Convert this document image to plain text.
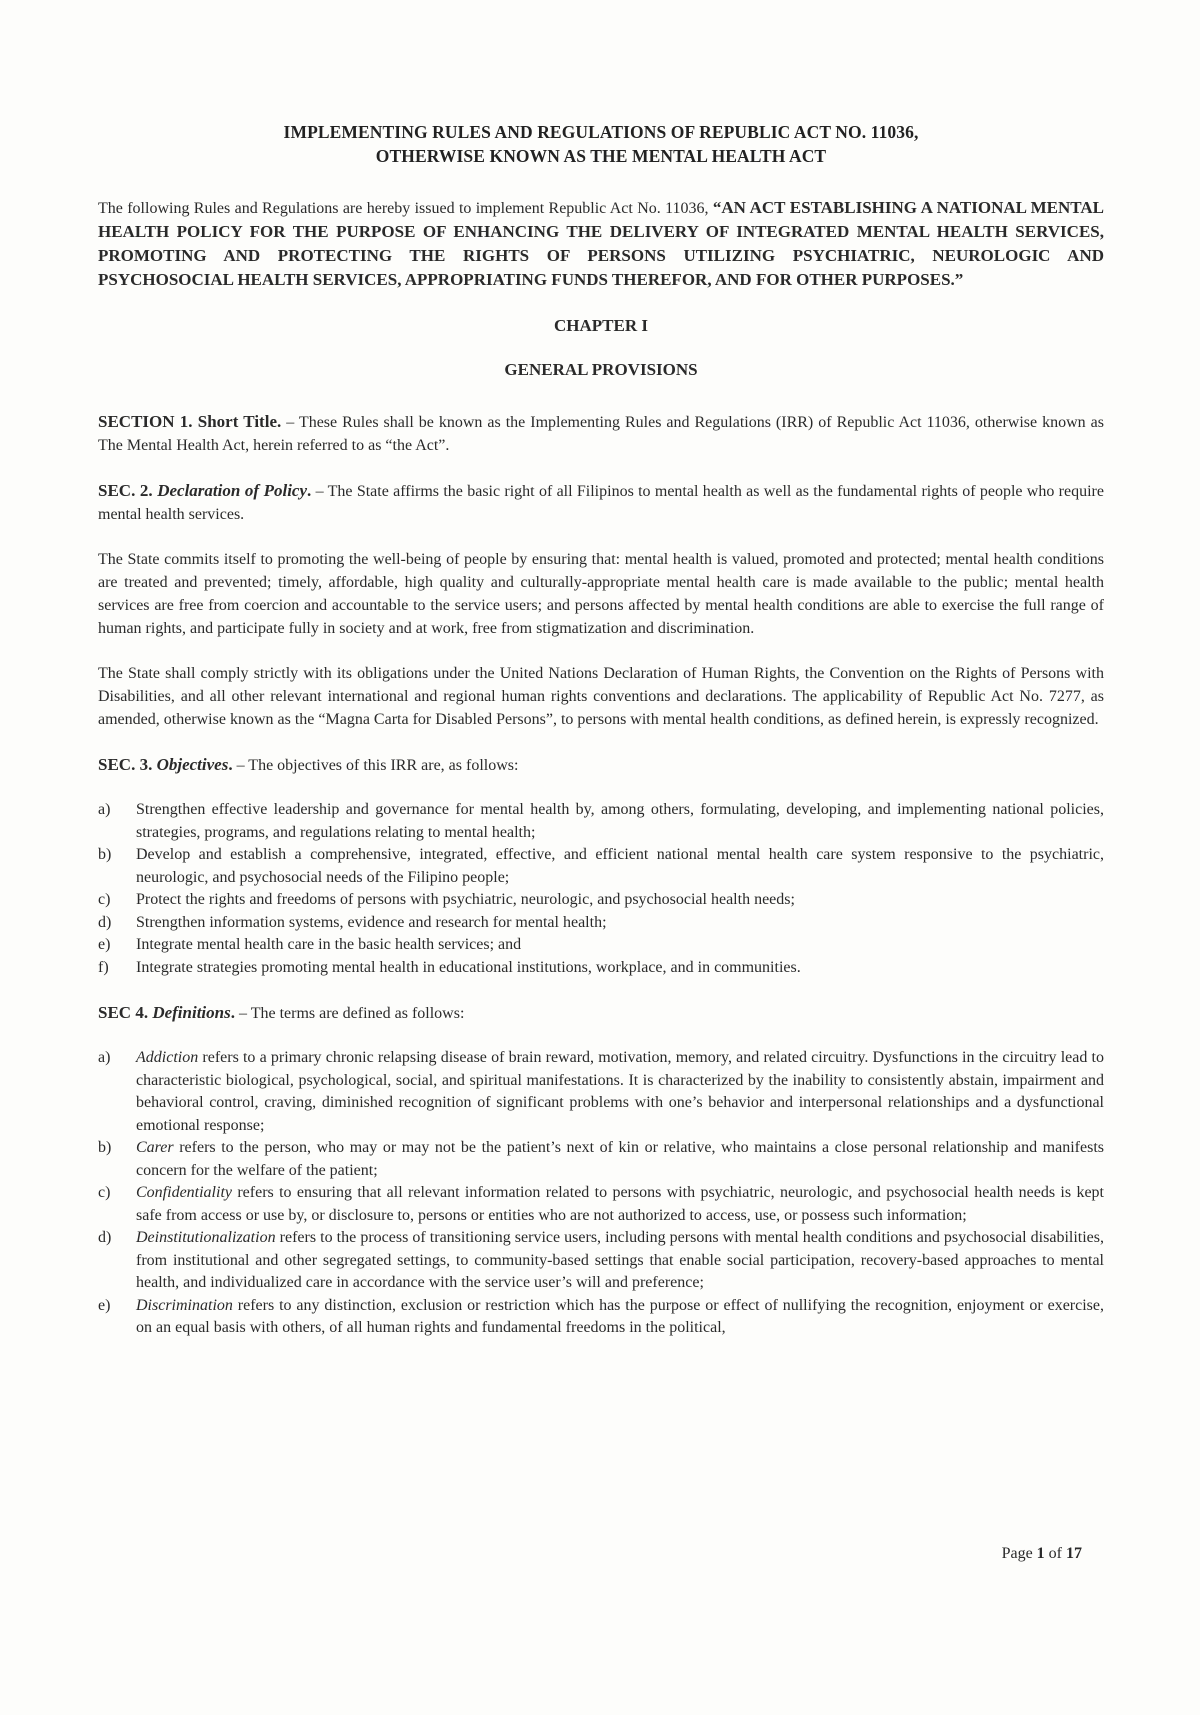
IMPLEMENTING RULES AND REGULATIONS OF REPUBLIC ACT NO. 11036,
OTHERWISE KNOWN AS THE MENTAL HEALTH ACT

The following Rules and Regulations are hereby issued to implement Republic Act No. 11036, “AN ACT ESTABLISHING A NATIONAL MENTAL HEALTH POLICY FOR THE PURPOSE OF ENHANCING THE DELIVERY OF INTEGRATED MENTAL HEALTH SERVICES, PROMOTING AND PROTECTING THE RIGHTS OF PERSONS UTILIZING PSYCHIATRIC, NEUROLOGIC AND PSYCHOSOCIAL HEALTH SERVICES, APPROPRIATING FUNDS THEREFOR, AND FOR OTHER PURPOSES.”

CHAPTER I
GENERAL PROVISIONS

SECTION 1. Short Title. – These Rules shall be known as the Implementing Rules and Regulations (IRR) of Republic Act 11036, otherwise known as The Mental Health Act, herein referred to as “the Act”.

SEC. 2. Declaration of Policy. – The State affirms the basic right of all Filipinos to mental health as well as the fundamental rights of people who require mental health services.

The State commits itself to promoting the well-being of people by ensuring that: mental health is valued, promoted and protected; mental health conditions are treated and prevented; timely, affordable, high quality and culturally-appropriate mental health care is made available to the public; mental health services are free from coercion and accountable to the service users; and persons affected by mental health conditions are able to exercise the full range of human rights, and participate fully in society and at work, free from stigmatization and discrimination.

The State shall comply strictly with its obligations under the United Nations Declaration of Human Rights, the Convention on the Rights of Persons with Disabilities, and all other relevant international and regional human rights conventions and declarations. The applicability of Republic Act No. 7277, as amended, otherwise known as the “Magna Carta for Disabled Persons”, to persons with mental health conditions, as defined herein, is expressly recognized.

SEC. 3. Objectives. – The objectives of this IRR are, as follows:

a) Strengthen effective leadership and governance for mental health by, among others, formulating, developing, and implementing national policies, strategies, programs, and regulations relating to mental health;
b) Develop and establish a comprehensive, integrated, effective, and efficient national mental health care system responsive to the psychiatric, neurologic, and psychosocial needs of the Filipino people;
c) Protect the rights and freedoms of persons with psychiatric, neurologic, and psychosocial health needs;
d) Strengthen information systems, evidence and research for mental health;
e) Integrate mental health care in the basic health services; and
f) Integrate strategies promoting mental health in educational institutions, workplace, and in communities.

SEC 4. Definitions. – The terms are defined as follows:

a) Addiction refers to a primary chronic relapsing disease of brain reward, motivation, memory, and related circuitry. Dysfunctions in the circuitry lead to characteristic biological, psychological, social, and spiritual manifestations. It is characterized by the inability to consistently abstain, impairment and behavioral control, craving, diminished recognition of significant problems with one’s behavior and interpersonal relationships and a dysfunctional emotional response;
b) Carer refers to the person, who may or may not be the patient’s next of kin or relative, who maintains a close personal relationship and manifests concern for the welfare of the patient;
c) Confidentiality refers to ensuring that all relevant information related to persons with psychiatric, neurologic, and psychosocial health needs is kept safe from access or use by, or disclosure to, persons or entities who are not authorized to access, use, or possess such information;
d) Deinstitutionalization refers to the process of transitioning service users, including persons with mental health conditions and psychosocial disabilities, from institutional and other segregated settings, to community-based settings that enable social participation, recovery-based approaches to mental health, and individualized care in accordance with the service user’s will and preference;
e) Discrimination refers to any distinction, exclusion or restriction which has the purpose or effect of nullifying the recognition, enjoyment or exercise, on an equal basis with others, of all human rights and fundamental freedoms in the political,
Page 1 of 17
